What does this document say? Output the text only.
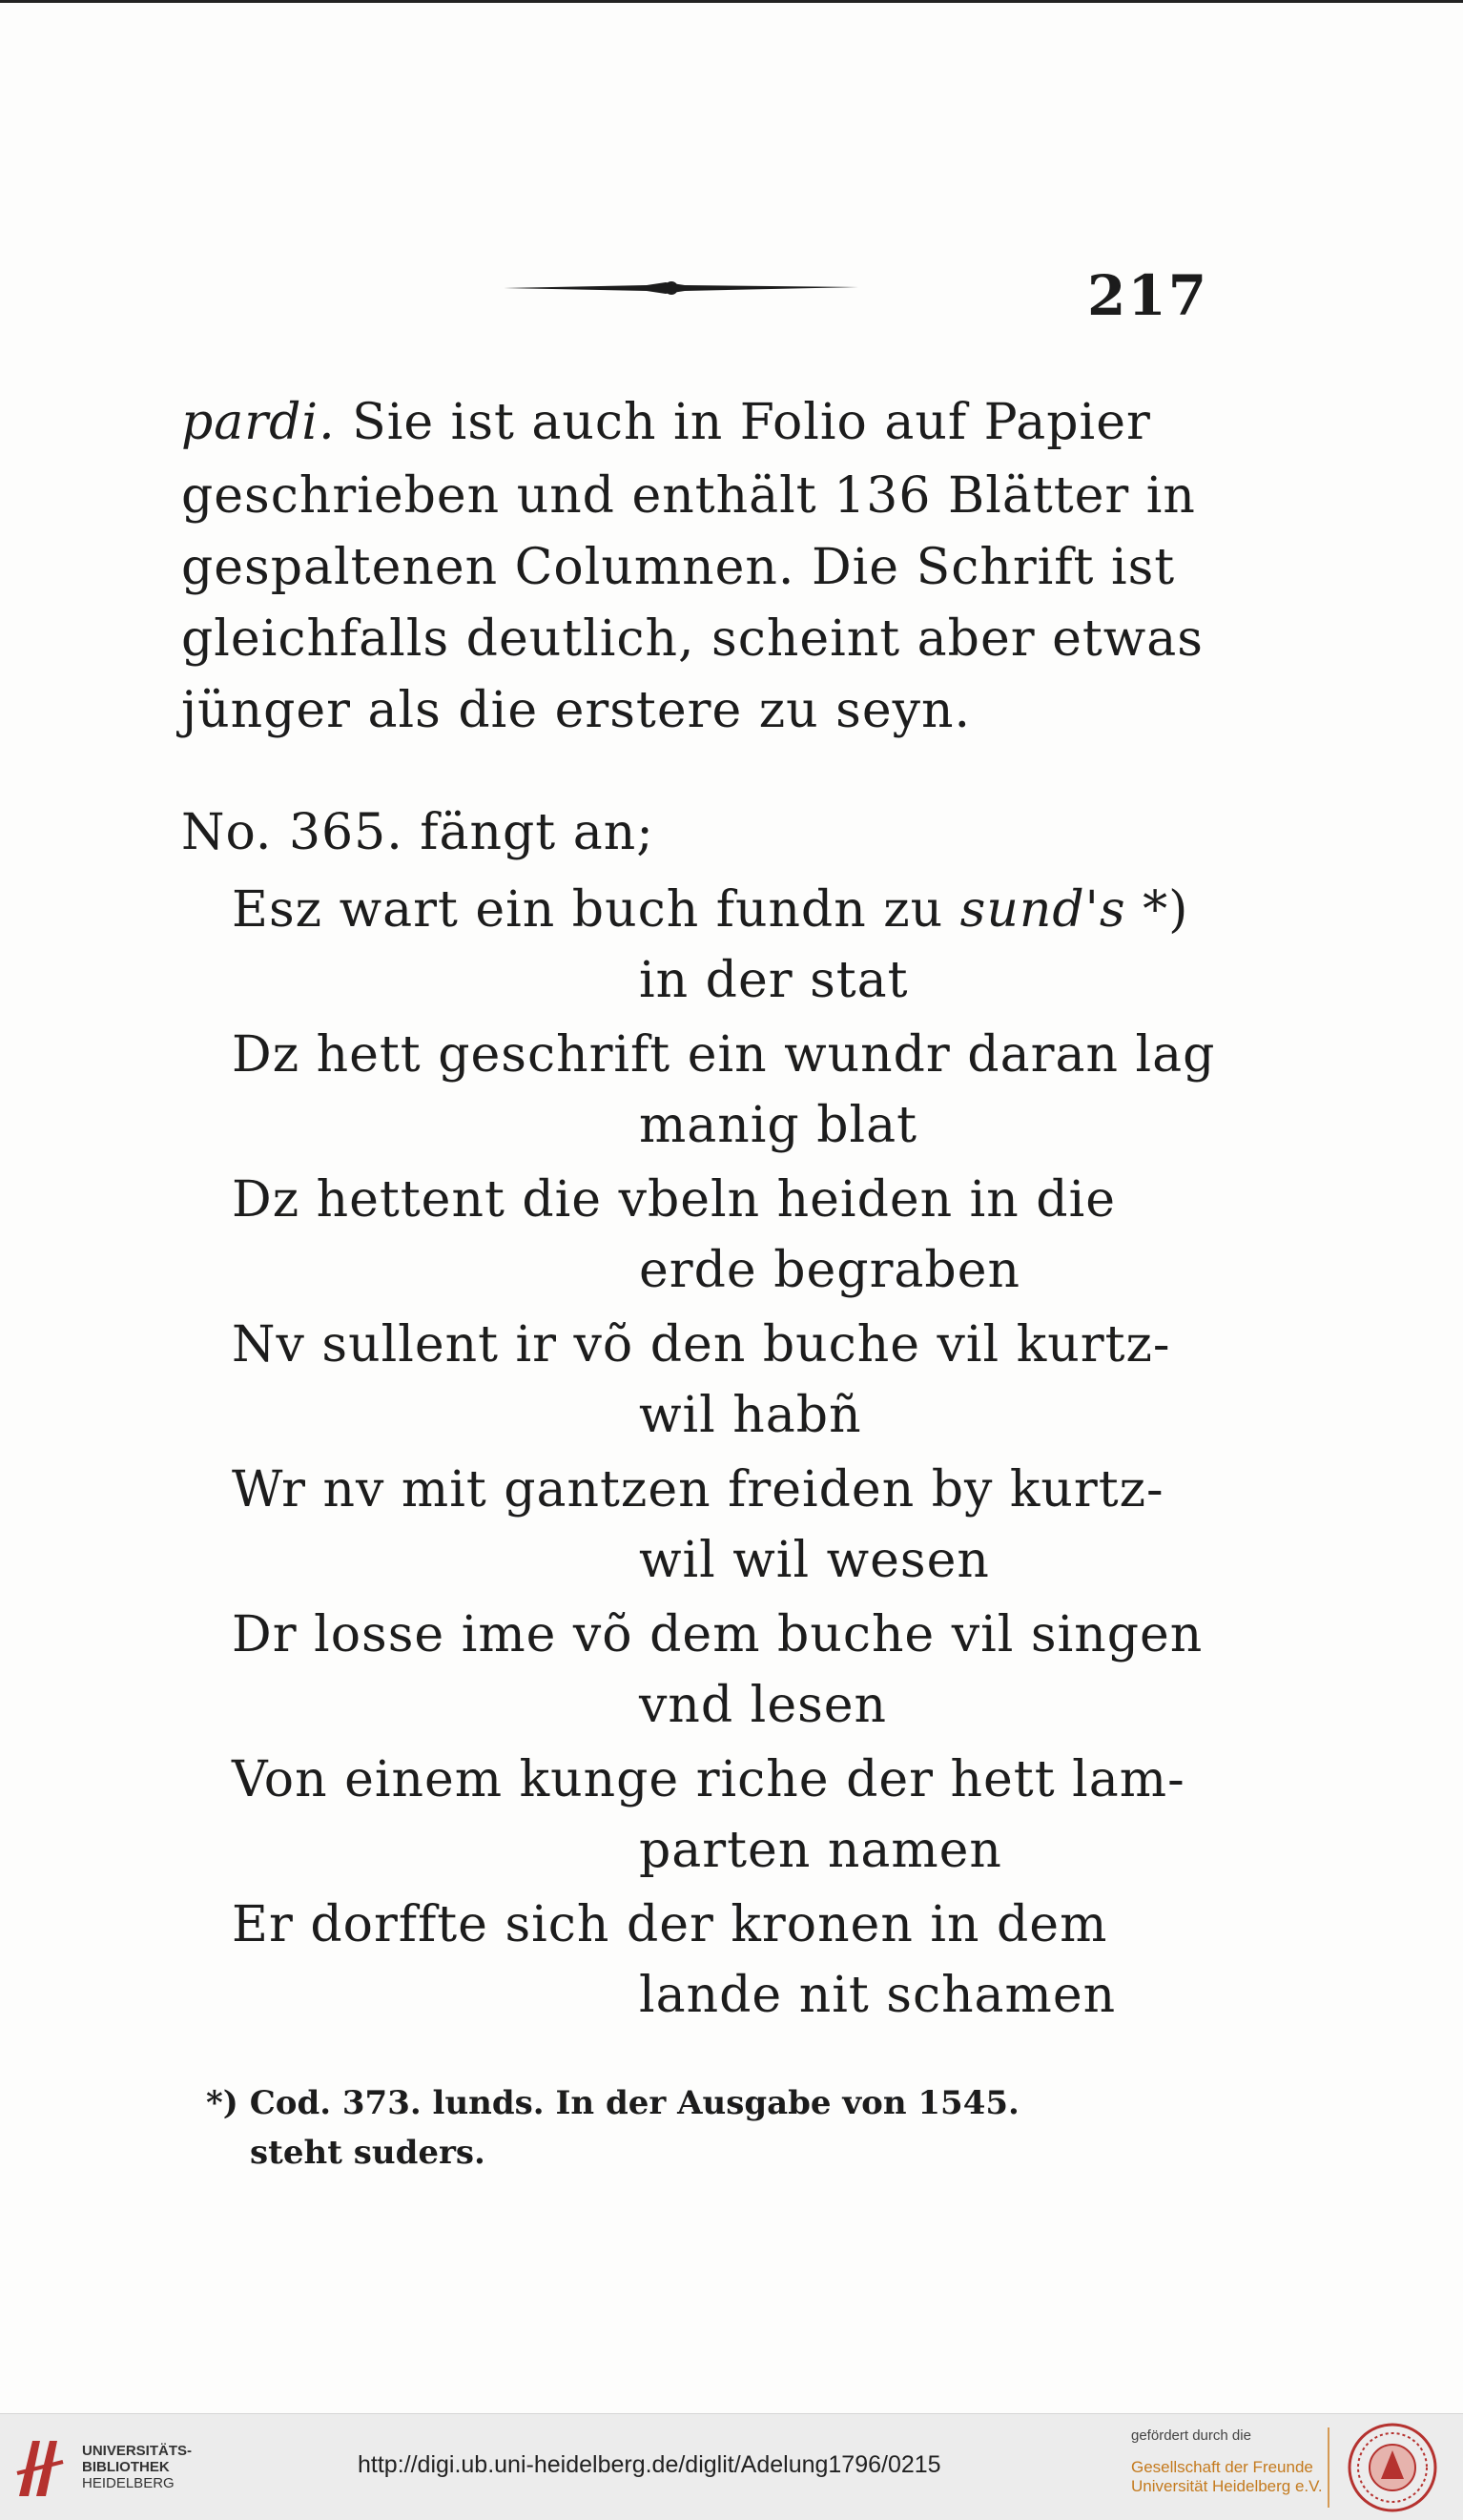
217
pardi. Sie ist auch in Folio auf Papier
geschrieben und enthält 136 Blätter in
gespaltenen Columnen. Die Schrift ist
gleichfalls deutlich, scheint aber etwas
jünger als die erstere zu seyn.
No. 365. fängt an;
Esz wart ein buch fundn zu sund's *)
in der stat
Dz hett geschrift ein wundr daran lag
manig blat
Dz hettent die vbeln heiden in die
erde begraben
Nv sullent ir võ den buche vil kurtz-
wil habñ
Wr nv mit gantzen freiden by kurtz-
wil wil wesen
Dr losse ime võ dem buche vil singen
vnd lesen
Von einem kunge riche der hett lam-
parten namen
Er dorffte sich der kronen in dem
lande nit schamen
*) Cod. 373. lunds. In der Ausgabe von 1545.
steht suders.
UNIVERSITÄTS-
BIBLIOTHEK
HEIDELBERG
http://digi.ub.uni-heidelberg.de/diglit/Adelung1796/0215
gefördert durch die
Gesellschaft der Freunde
Universität Heidelberg e.V.
